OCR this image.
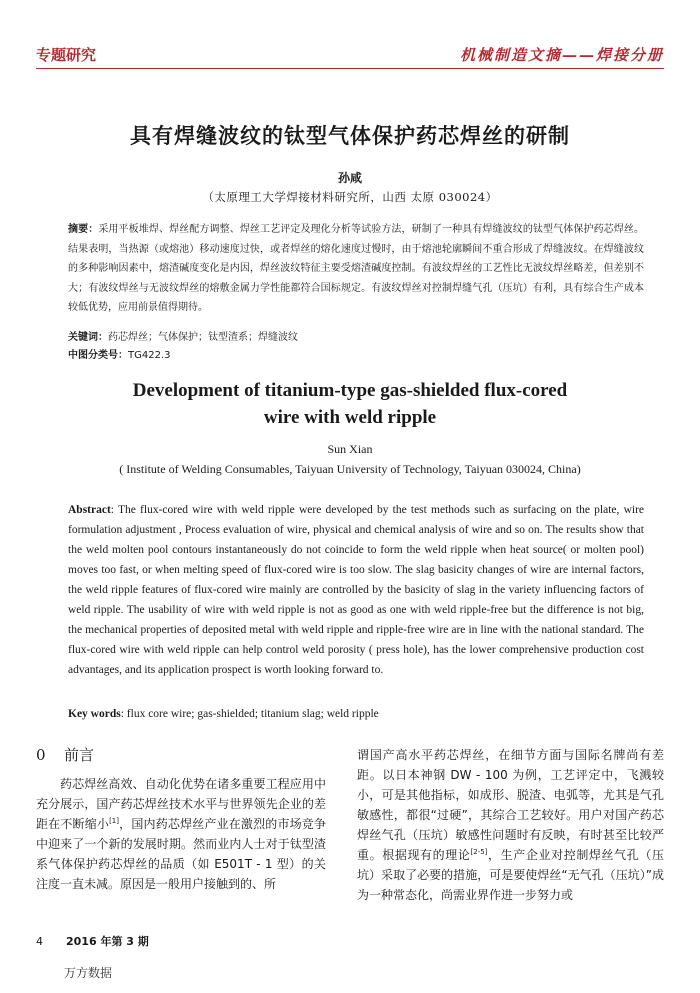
专题研究	机械制造文摘——焊接分册
具有焊缝波纹的钛型气体保护药芯焊丝的研制
孙咸
（太原理工大学焊接材料研究所，山西 太原 030024）
摘要：采用平板堆焊、焊丝配方调整、焊丝工艺评定及理化分析等试验方法，研制了一种具有焊缝波纹的钛型气体保护药芯焊丝。结果表明，当热源（或熔池）移动速度过快，或者焊丝的熔化速度过慢时，由于熔池轮廓瞬间不重合形成了焊缝波纹。在焊缝波纹的多种影响因素中，熔渣碱度变化是内因，焊丝波纹特征主要受熔渣碱度控制。有波纹焊丝的工艺性比无波纹焊丝略差，但差别不大；有波纹焊丝与无波纹焊丝的熔敷金属力学性能都符合国标规定。有波纹焊丝对控制焊缝气孔（压坑）有利，具有综合生产成本较低优势，应用前景值得期待。
关键词：药芯焊丝；气体保护；钛型渣系；焊缝波纹
中图分类号：TG422.3
Development of titanium-type gas-shielded flux-cored
wire with weld ripple
Sun Xian
( Institute of Welding Consumables, Taiyuan University of Technology, Taiyuan 030024, China)
Abstract: The flux-cored wire with weld ripple were developed by the test methods such as surfacing on the plate, wire formulation adjustment , Process evaluation of wire, physical and chemical analysis of wire and so on. The results show that the weld molten pool contours instantaneously do not coincide to form the weld ripple when heat source( or molten pool) moves too fast, or when melting speed of flux-cored wire is too slow. The slag basicity changes of wire are internal factors, the weld ripple features of flux-cored wire mainly are controlled by the basicity of slag in the variety influencing factors of weld ripple. The usability of wire with weld ripple is not as good as one with weld ripple-free but the difference is not big, the mechanical properties of deposited metal with weld ripple and ripple-free wire are in line with the national standard. The flux-cored wire with weld ripple can help control weld porosity ( press hole), has the lower comprehensive production cost advantages, and its application prospect is worth looking forward to.
Key words: flux core wire; gas-shielded; titanium slag; weld ripple
0 前言
药芯焊丝高效、自动化优势在诸多重要工程应用中充分展示，国产药芯焊丝技术水平与世界领先企业的差距在不断缩小[1]，国内药芯焊丝产业在激烈的市场竞争中迎来了一个新的发展时期。然而业内人士对于钛型渣系气体保护药芯焊丝的品质（如 E501T - 1 型）的关注度一直未减。原因是一般用户接触到的、所
谓国产高水平药芯焊丝，在细节方面与国际名牌尚有差距。以日本神钢 DW - 100 为例，工艺评定中，飞溅较小，可是其他指标，如成形、脱渣、电弧等，尤其是气孔敏感性，都很“过硬”，其综合工艺较好。用户对国产药芯焊丝气孔（压坑）敏感性问题时有反映，有时甚至比较严重。根据现有的理论[2-5]，生产企业对控制焊丝气孔（压坑）采取了必要的措施，可是要使焊丝“无气孔（压坑）”成为一种常态化，尚需业界作进一步努力或
4 2016 年第 3 期
万方数据
